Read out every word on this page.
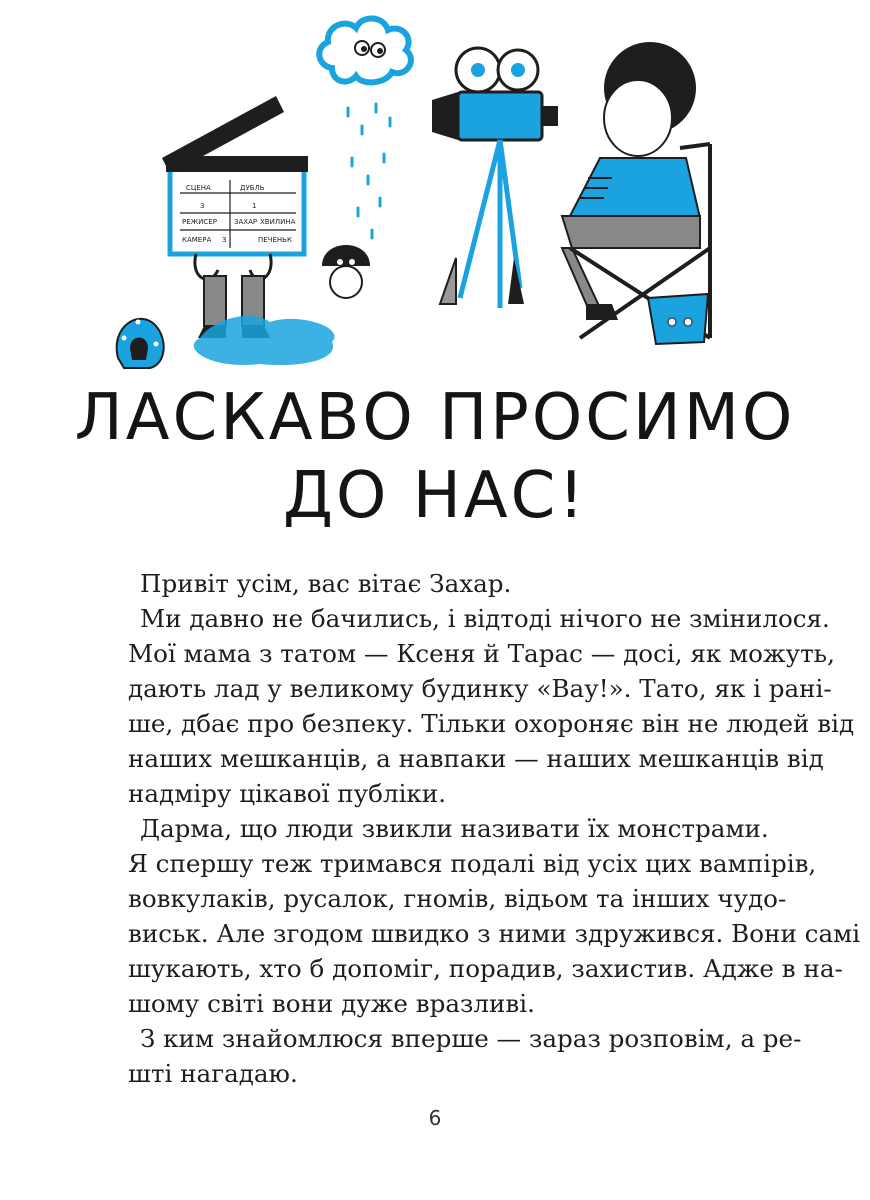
СЦЕНА
3
ДУБЛЬ
1
РЕЖИСЕР ЗАХАР ХВИЛИНА
КАМЕРА 3	ПЕЧЕНЬК
ЛАСКАВО ПРОСИМО
ДО НАС!

Привіт усім, вас вітає Захар.

Ми давно не бачились, і відтоді нічого не змінилося.
Мої мама з татом — Ксеня й Тарас — досі, як можуть,
дають лад у великому будинку «Вау!». Тато, як і рані-
ше, дбає про безпеку. Тільки охороняє він не людей від
наших мешканців, а навпаки — наших мешканців від
надміру цікавої публіки.

Дарма, що люди звикли називати їх монстрами.
Я спершу теж тримався подалі від усіх цих вампірів,
вовкулаків, русалок, гномів, відьом та інших чудо-
виськ. Але згодом швидко з ними здружився. Вони самі
шукають, хто б допоміг, порадив, захистив. Адже в на-
шому світі вони дуже вразливі.

З ким знайомлюся вперше — зараз розповім, а ре-
шті нагадаю.

6
